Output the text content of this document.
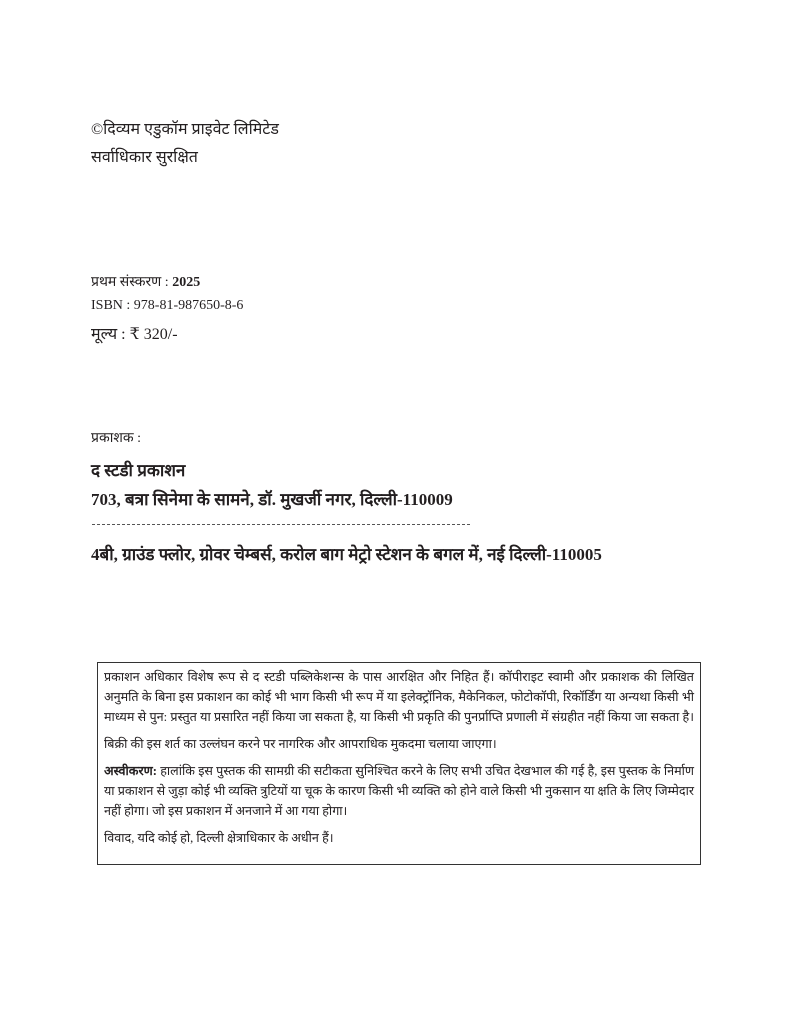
©दिव्यम एडुकॉम प्राइवेट लिमिटेड
सर्वाधिकार सुरक्षित
प्रथम संस्करण : 2025
ISBN : 978-81-987650-8-6
मूल्य : ₹ 320/-
प्रकाशक :
द स्टडी प्रकाशन
703, बत्रा सिनेमा के सामने, डॉ. मुखर्जी नगर, दिल्ली-110009
4बी, ग्राउंड फ्लोर, ग्रोवर चेम्बर्स, करोल बाग मेट्रो स्टेशन के बगल में, नई दिल्ली-110005

प्रकाशन अधिकार विशेष रूप से द स्टडी पब्लिकेशन्स के पास आरक्षित और निहित हैं। कॉपीराइट स्वामी और प्रकाशक की लिखित
अनुमति के बिना इस प्रकाशन का कोई भी भाग किसी भी रूप में या इलेक्ट्रॉनिक, मैकेनिकल, फोटोकॉपी, रिकॉर्डिंग या अन्यथा किसी भी
माध्यम से पुन: प्रस्तुत या प्रसारित नहीं किया जा सकता है, या किसी भी प्रकृति की पुनर्प्राप्ति प्रणाली में संग्रहीत नहीं किया जा सकता है।

बिक्री की इस शर्त का उल्लंघन करने पर नागरिक और आपराधिक मुकदमा चलाया जाएगा।

अस्वीकरण: हालांकि इस पुस्तक की सामग्री की सटीकता सुनिश्चित करने के लिए सभी उचित देखभाल की गई है, इस पुस्तक के निर्माण
या प्रकाशन से जुड़ा कोई भी व्यक्ति त्रुटियों या चूक के कारण किसी भी व्यक्ति को होने वाले किसी भी नुकसान या क्षति के लिए जिम्मेदार
नहीं होगा। जो इस प्रकाशन में अनजाने में आ गया होगा।

विवाद, यदि कोई हो, दिल्ली क्षेत्राधिकार के अधीन हैं।
